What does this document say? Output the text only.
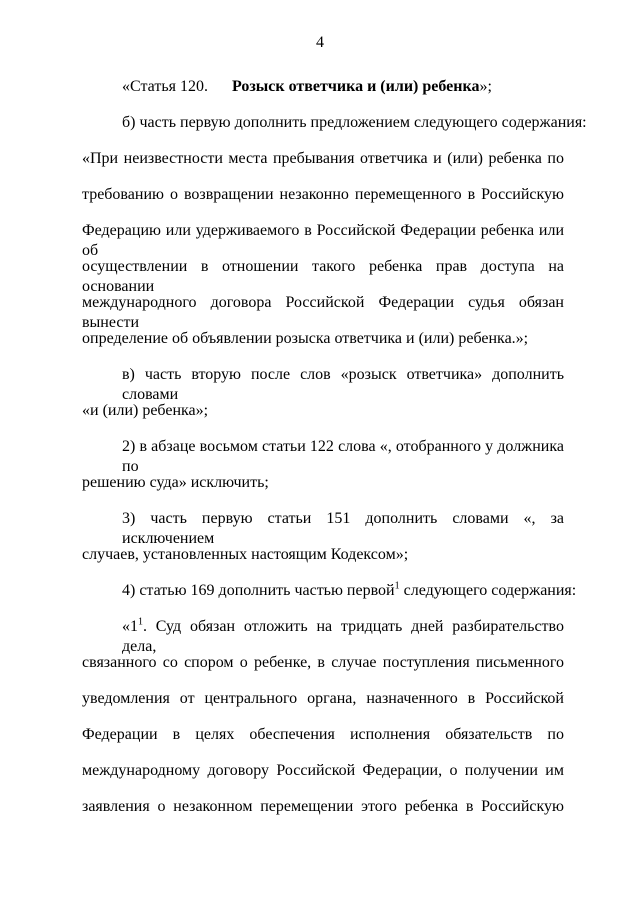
4
«Статья 120. Розыск ответчика и (или) ребенка»;
б) часть первую дополнить предложением следующего содержания:
«При неизвестности места пребывания ответчика и (или) ребенка по
требованию о возвращении незаконно перемещенного в Российскую
Федерацию или удерживаемого в Российской Федерации ребенка или об
осуществлении в отношении такого ребенка прав доступа на основании
международного договора Российской Федерации судья обязан вынести
определение об объявлении розыска ответчика и (или) ребенка.»;
в) часть вторую после слов «розыск ответчика» дополнить словами
«и (или) ребенка»;
2) в абзаце восьмом статьи 122 слова «, отобранного у должника по
решению суда» исключить;
3) часть первую статьи 151 дополнить словами «, за исключением
случаев, установленных настоящим Кодексом»;
4) статью 169 дополнить частью первой$^1$ следующего содержания:
«$1^1$. Суд обязан отложить на тридцать дней разбирательство дела,
связанного со спором о ребенке, в случае поступления письменного
уведомления от центрального органа, назначенного в Российской
Федерации в целях обеспечения исполнения обязательств по
международному договору Российской Федерации, о получении им
заявления о незаконном перемещении этого ребенка в Российскую
